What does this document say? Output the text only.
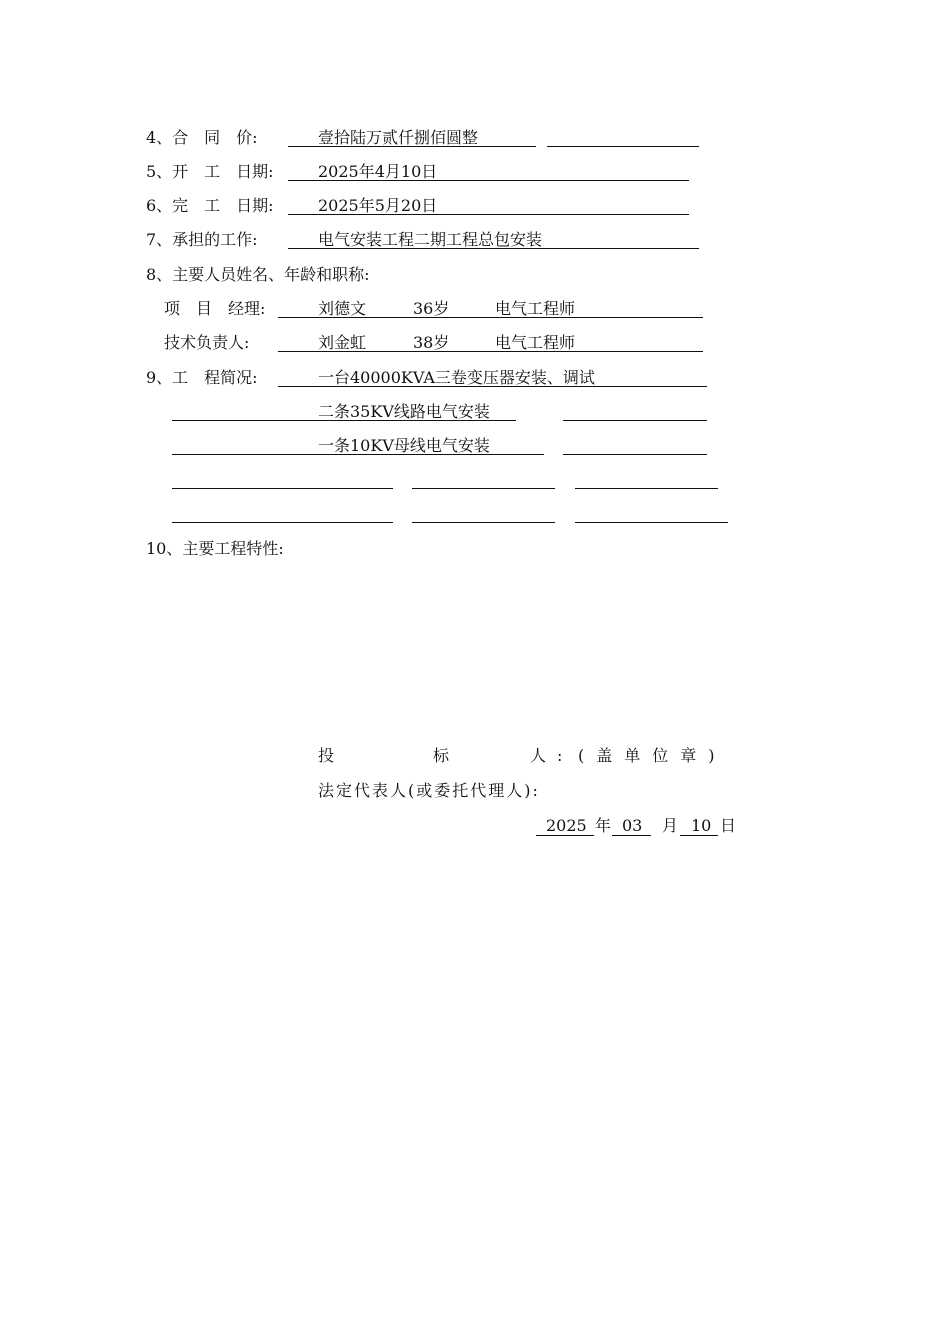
4、合　同　价:	壹拾陆万贰仟捌佰圆整
5、开　工　日期:	2025年4月10日
6、完　工　日期:	2025年5月20日
7、承担的工作:	电气安装工程二期工程总包安装
8、主要人员姓名、年龄和职称:
项　目　经理:	刘德文	36岁	电气工程师
技术负责人:	刘金虹	38岁	电气工程师
9、工　程简况:	一台40000KVA三卷变压器安装、调试
二条35KV线路电气安装
一条10KV母线电气安装
10、主要工程特性:
投	标	人 : (盖单位章)
法定代表人(或委托代理人):
2025 年 03 月 10 日
